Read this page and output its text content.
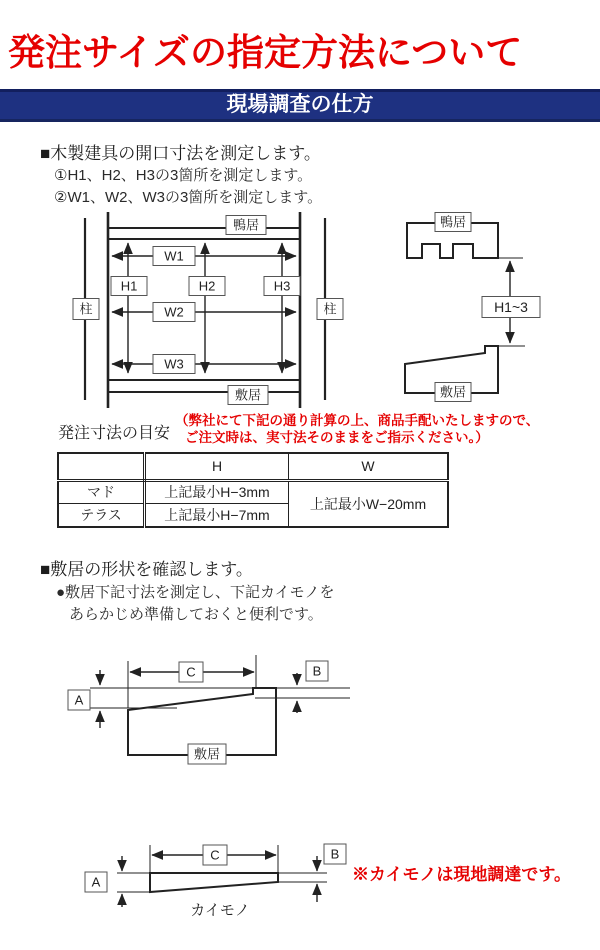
発注サイズの指定方法について
現場調査の仕方
■木製建具の開口寸法を測定します。
①H1、H2、H3の3箇所を測定します。
②W1、W2、W3の3箇所を測定します。
鴨居
敷居
柱	柱
W1
W2
W3
H1	H2	H3
鴨居
H1~3
敷居
発注寸法の目安
（弊社にて下記の通り計算の上、商品手配いたしますので、
ご注文時は、実寸法そのままをご指示ください。）
	H	W
マド	上記最小H−3mm	上記最小W−20mm
テラス	上記最小H−7mm	
■敷居の形状を確認します。
●敷居下記寸法を測定し、下記カイモノを
あらかじめ準備しておくと便利です。
C	B
A
敷居
C	B
A
カイモノ
※カイモノは現地調達です。
